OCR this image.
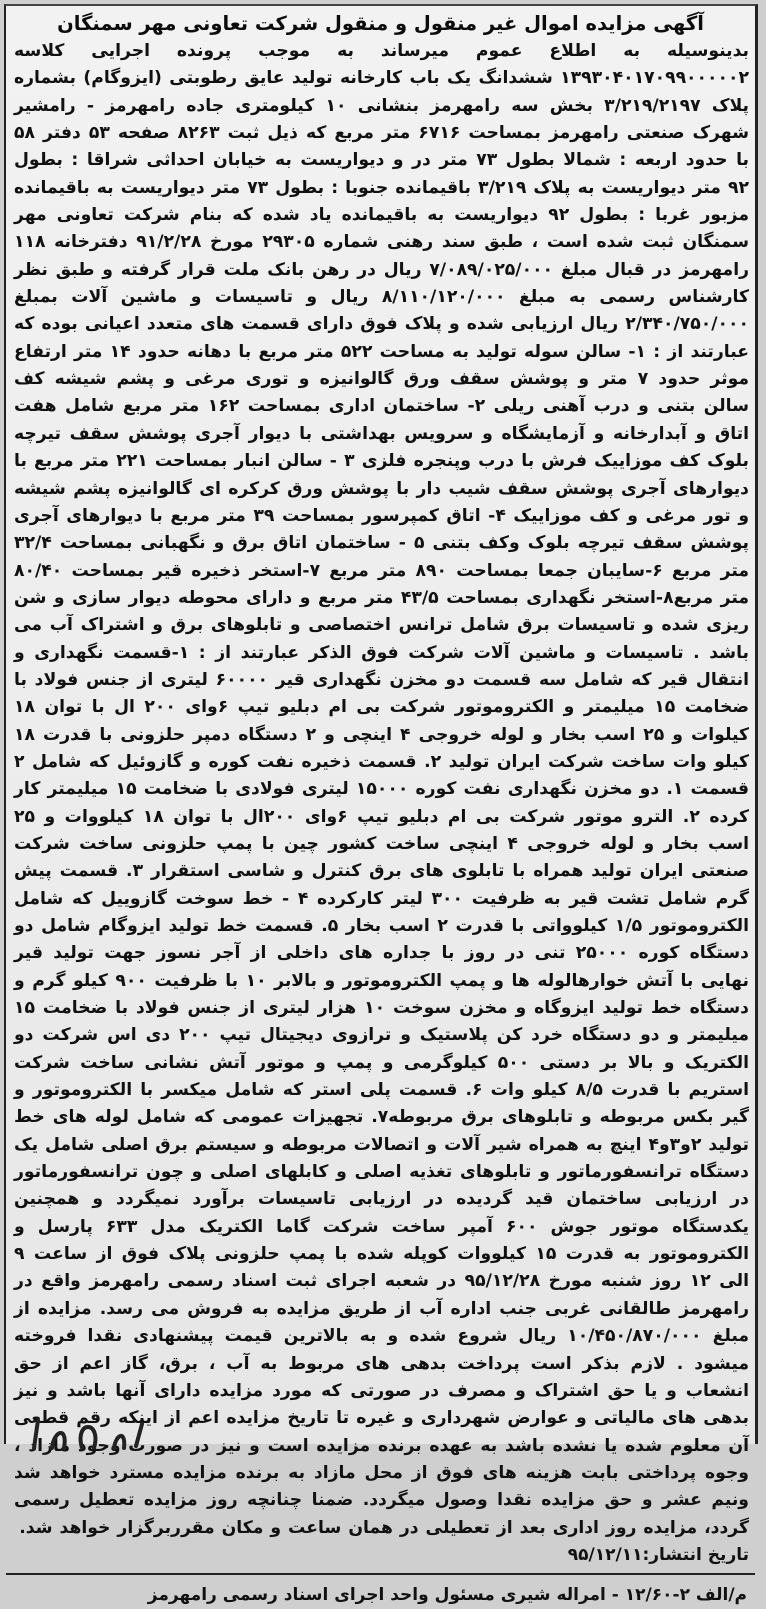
آگهی مزایده اموال غیر منقول و منقول شرکت تعاونی مهر سمنگان
بدینوسیله به اطلاع عموم میرساند به موجب پرونده اجرایی کلاسه ۱۳۹۳۰۴۰۱۷۰۹۹۰۰۰۰۰۲ ششدانگ یک باب کارخانه تولید عایق رطوبتی (ایزوگام) بشماره پلاک ۳/۲۱۹/۲۱۹۷ بخش سه رامهرمز بنشانی ۱۰ کیلومتری جاده رامهرمز - رامشیر شهرک صنعتی رامهرمز بمساحت ۶۷۱۶ متر مربع که ذیل ثبت ۸۲۶۳ صفحه ۵۳ دفتر ۵۸ با حدود اربعه : شمالا بطول ۷۳ متر در و دیواریست به خیابان احداثی شراقا : بطول ۹۲ متر دیواریست به پلاک ۳/۲۱۹ باقیمانده جنوبا : بطول ۷۳ متر دیواریست به باقیمانده مزبور غربا : بطول ۹۲ دیواریست به باقیمانده یاد شده که بنام شرکت تعاونی مهر سمنگان ثبت شده است ، طبق سند رهنی شماره ۲۹۳۰۵ مورخ ۹۱/۲/۲۸ دفترخانه ۱۱۸ رامهرمز در قبال مبلغ ۷/۰۸۹/۰۲۵/۰۰۰ ریال در رهن بانک ملت قرار گرفته و طبق نظر کارشناس رسمی به مبلغ ۸/۱۱۰/۱۲۰/۰۰۰ ریال و تاسیسات و ماشین آلات بمبلغ ۲/۳۴۰/۷۵۰/۰۰۰ ریال ارزیابی شده و پلاک فوق دارای قسمت های متعدد اعیانی بوده که عبارتند از : ۱- سالن سوله تولید به مساحت ۵۲۲ متر مربع با دهانه حدود ۱۴ متر ارتفاع موثر حدود ۷ متر و پوشش سقف ورق گالوانیزه و توری مرغی و پشم شیشه کف سالن بتنی و درب آهنی ریلی ۲- ساختمان اداری بمساحت ۱۶۲ متر مربع شامل هفت اتاق و آبدارخانه و آزمایشگاه و سرویس بهداشتی با دیوار آجری پوشش سقف تیرچه بلوک کف موزاییک فرش با درب وپنجره فلزی ۳ - سالن انبار بمساحت ۲۲۱ متر مربع با دیوارهای آجری پوشش سقف شیب دار با پوشش ورق کرکره ای گالوانیزه پشم شیشه و تور مرغی و کف موزاییک ۴- اتاق کمپرسور بمساحت ۳۹ متر مربع با دیوارهای آجری پوشش سقف تیرچه بلوک وکف بتنی ۵ - ساختمان اتاق برق و نگهبانی بمساحت ۳۲/۴ متر مربع ۶-سایبان جمعا بمساحت ۸۹۰ متر مربع ۷-استخر ذخیره قیر بمساحت ۸۰/۴۰ متر مربع۸-استخر نگهداری بمساحت ۴۳/۵ متر مربع و دارای محوطه دیوار سازی و شن ریزی شده و تاسیسات برق شامل ترانس اختصاصی و تابلوهای برق و اشتراک آب می باشد . تاسیسات و ماشین آلات شرکت فوق الذکر عبارتند از : ۱-قسمت نگهداری و انتقال قیر که شامل سه قسمت دو مخزن نگهداری قیر ۶۰۰۰۰ لیتری از جنس فولاد با ضخامت ۱۵ میلیمتر و الکتروموتور شرکت بی ام دبلیو تیپ ۶وای ۲۰۰ ال با توان ۱۸ کیلوات و ۲۵ اسب بخار و لوله خروجی ۴ اینچی و ۲ دستگاه دمپر حلزونی با قدرت ۱۸ کیلو وات ساخت شرکت ایران تولید ۲. قسمت ذخیره نفت کوره و گازوئیل که شامل ۲ قسمت ۱. دو مخزن نگهداری نفت کوره ۱۵۰۰۰ لیتری فولادی با ضخامت ۱۵ میلیمتر کار کرده ۲. الترو موتور شرکت بی ام دبلیو تیپ ۶وای ۲۰۰ال با توان ۱۸ کیلووات و ۲۵ اسب بخار و لوله خروجی ۴ اینچی ساخت کشور چین با پمپ حلزونی ساخت شرکت صنعتی ایران تولید همراه با تابلوی های برق کنترل و شاسی استقرار ۳. قسمت پیش گرم شامل تشت قیر به ظرفیت ۳۰۰ لیتر کارکرده ۴ - خط سوخت گازوییل که شامل الکتروموتور ۱/۵ کیلوواتی با قدرت ۲ اسب بخار ۵. قسمت خط تولید ایزوگام شامل دو دستگاه کوره ۲۵۰۰۰ تنی در روز با جداره های داخلی از آجر نسوز جهت تولید قیر نهایی با آتش خوارهالوله ها و پمپ الکتروموتور و بالابر ۱۰ با ظرفیت ۹۰۰ کیلو گرم و دستگاه خط تولید ایزوگاه و مخزن سوخت ۱۰ هزار لیتری از جنس فولاد با ضخامت ۱۵ میلیمتر و دو دستگاه خرد کن پلاستیک و ترازوی دیجیتال تیپ ۲۰۰ دی اس شرکت دو الکتریک و بالا بر دستی ۵۰۰ کیلوگرمی و پمپ و موتور آتش نشانی ساخت شرکت استریم با قدرت ۸/۵ کیلو وات ۶. قسمت پلی استر که شامل میکسر با الکتروموتور و گیر بکس مربوطه و تابلوهای برق مربوطه۷. تجهیزات عمومی که شامل لوله های خط تولید ۲و۳و۴ اینچ به همراه شیر آلات و اتصالات مربوطه و سیستم برق اصلی شامل یک دستگاه ترانسفورماتور و تابلوهای تغذیه اصلی و کابلهای اصلی و چون ترانسفورماتور در ارزیابی ساختمان قید گردیده در ارزیابی تاسیسات برآورد نمیگردد و همچنین یکدستگاه موتور جوش ۶۰۰ آمپر ساخت شرکت گاما الکتریک مدل ۶۳۳ پارسل و الکتروموتور به قدرت ۱۵ کیلووات کوپله شده با پمپ حلزونی پلاک فوق از ساعت ۹ الی ۱۲ روز شنبه مورخ ۹۵/۱۲/۲۸ در شعبه اجرای ثبت اسناد رسمی رامهرمز واقع در رامهرمز طالقانی غربی جنب اداره آب از طریق مزایده به فروش می رسد. مزایده از مبلغ ۱۰/۴۵۰/۸۷۰/۰۰۰ ریال شروع شده و به بالاترین قیمت پیشنهادی نقدا فروخته میشود . لازم بذکر است پرداخت بدهی های مربوط به آب ، برق، گاز اعم از حق انشعاب و یا حق اشتراک و مصرف در صورتی که مورد مزایده دارای آنها باشد و نیز بدهی های مالیاتی و عوارض شهرداری و غیره تا تاریخ مزایده اعم از اینکه رقم قطعی آن معلوم شده یا نشده باشد به عهده برنده مزایده است و نیز در صورت وجود مازاد ، وجوه پرداختی بابت هزینه های فوق از محل مازاد به برنده مزایده مسترد خواهد شد ونیم عشر و حق مزایده نقدا وصول میگردد. ضمنا چنانچه روز مزایده تعطیل رسمی گردد، مزایده روز اداری بعد از تعطیلی در همان ساعت و مکان مقرربرگزار خواهد شد.
تاریخ انتشار:۹۵/۱۲/۱۱
م/الف ۲-۱۲/۶۰ - امراله شیری مسئول واحد اجرای اسناد رسمی رامهرمز
